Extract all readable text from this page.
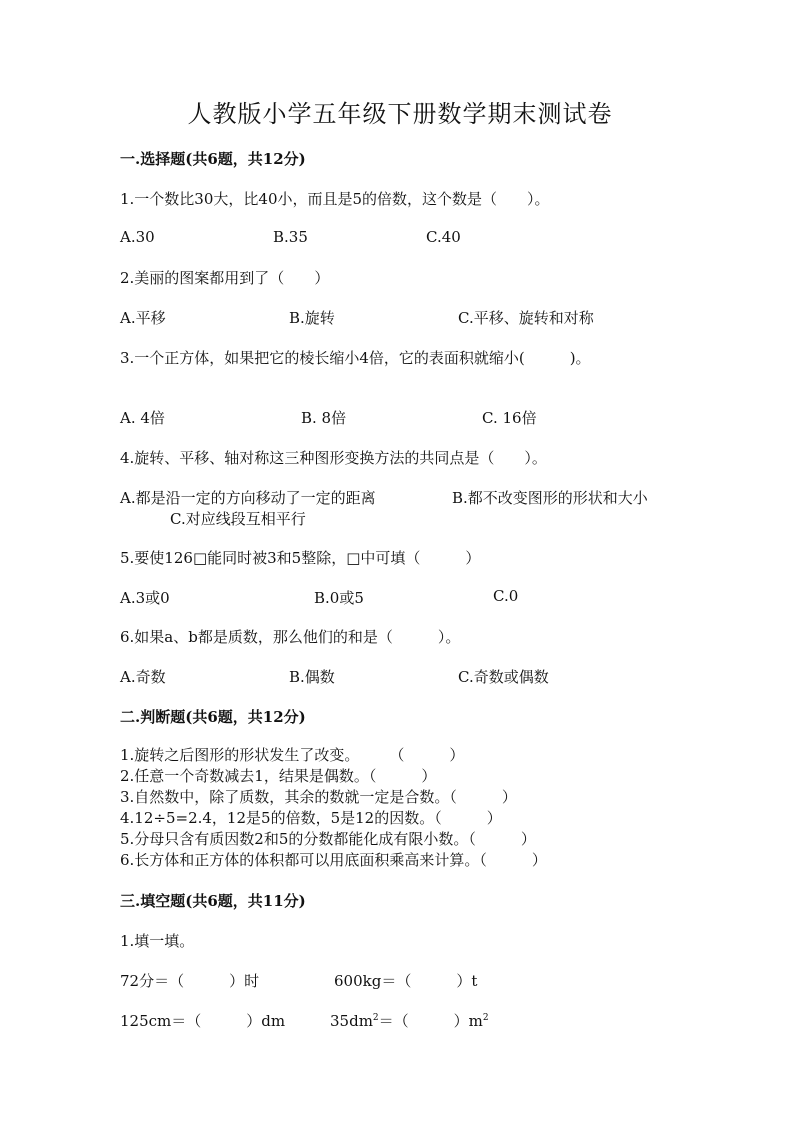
人教版小学五年级下册数学期末测试卷
一.选择题(共6题，共12分)
1.一个数比30大，比40小，而且是5的倍数，这个数是（　　）。
A.30	B.35	C.40
2.美丽的图案都用到了（　　）
A.平移	B.旋转	C.平移、旋转和对称
3.一个正方体，如果把它的棱长缩小4倍，它的表面积就缩小(　　　)。
A. 4倍	B. 8倍	C. 16倍
4.旋转、平移、轴对称这三种图形变换方法的共同点是（　　）。
A.都是沿一定的方向移动了一定的距离	B.都不改变图形的形状和大小
C.对应线段互相平行
5.要使126□能同时被3和5整除，□中可填（　　　）
A.3或0	B.0或5	C.0
6.如果a、b都是质数，那么他们的和是（　　　）。
A.奇数	B.偶数	C.奇数或偶数
二.判断题(共6题，共12分)
1.旋转之后图形的形状发生了改变。　　　（　　　）
2.任意一个奇数减去1，结果是偶数。（　　　）
3.自然数中，除了质数，其余的数就一定是合数。（　　　）
4.12÷5=2.4，12是5的倍数，5是12的因数。（　　　）
5.分母只含有质因数2和5的分数都能化成有限小数。（　　　）
6.长方体和正方体的体积都可以用底面积乘高来计算。（　　　）
三.填空题(共6题，共11分)
1.填一填。
72分＝（　　　）时	600kg＝（　　　）t
125cm＝（　　　）dm	$35dm^2=$（　　　）$m^2$
